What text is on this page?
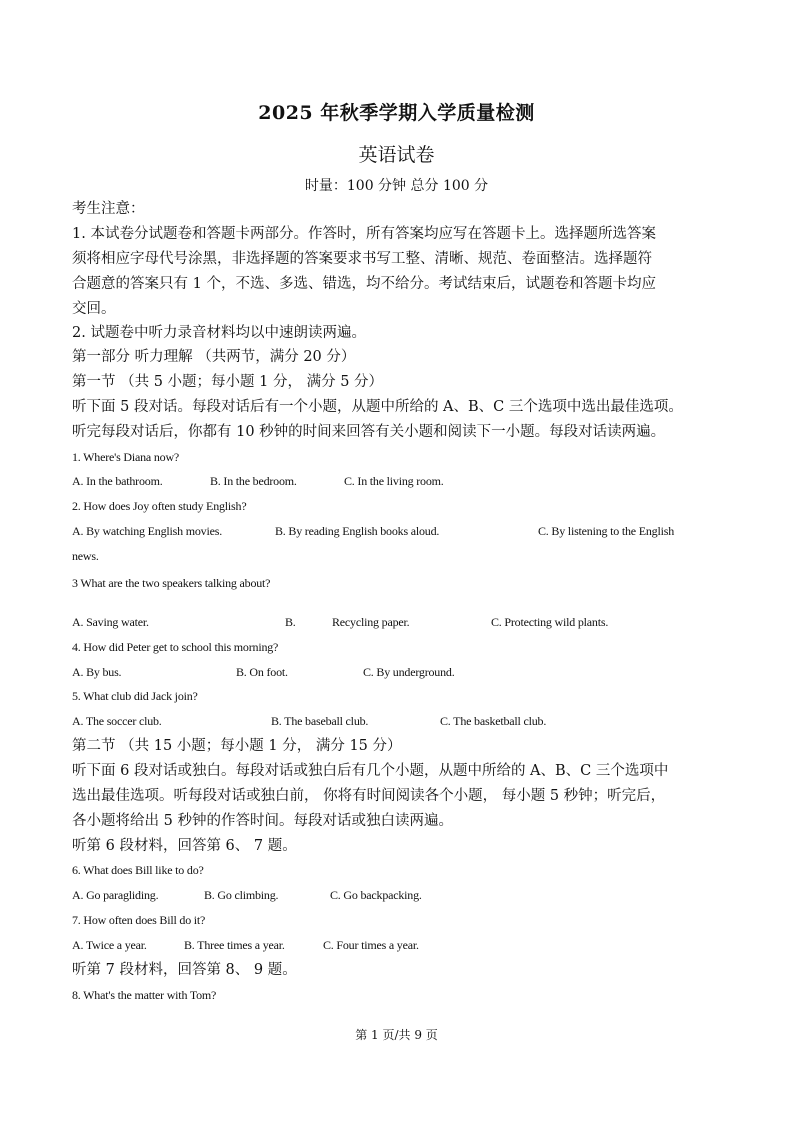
2025 年秋季学期入学质量检测
英语试卷
时量：100 分钟 总分 100 分
考生注意：
1. 本试卷分试题卷和答题卡两部分。作答时，所有答案均应写在答题卡上。选择题所选答案
须将相应字母代号涂黑，非选择题的答案要求书写工整、清晰、规范、卷面整洁。选择题符
合题意的答案只有 1 个，不选、多选、错选，均不给分。考试结束后，试题卷和答题卡均应
交回。
2. 试题卷中听力录音材料均以中速朗读两遍。
第一部分 听力理解 （共两节，满分 20 分）
第一节 （共 5 小题；每小题 1 分， 满分 5 分）
听下面 5 段对话。每段对话后有一个小题，从题中所给的 A、B、C 三个选项中选出最佳选项。
听完每段对话后，你都有 10 秒钟的时间来回答有关小题和阅读下一小题。每段对话读两遍。
1. Where's Diana now?
A. In the bathroom.	B. In the bedroom.	C. In the living room.
2. How does Joy often study English?
A. By watching English movies.	B. By reading English books aloud.	C. By listening to the English
news.
3 What are the two speakers talking about?
A. Saving water.	B.	Recycling paper.	C. Protecting wild plants.
4. How did Peter get to school this morning?
A. By bus.	B. On foot.	C. By underground.
5. What club did Jack join?
A. The soccer club.	B. The baseball club.	C. The basketball club.
第二节 （共 15 小题；每小题 1 分， 满分 15 分）
听下面 6 段对话或独白。每段对话或独白后有几个小题，从题中所给的 A、B、C 三个选项中
选出最佳选项。听每段对话或独白前， 你将有时间阅读各个小题， 每小题 5 秒钟；听完后，
各小题将给出 5 秒钟的作答时间。每段对话或独白读两遍。
听第 6 段材料，回答第 6、 7 题。
6. What does Bill like to do?
A. Go paragliding.	B. Go climbing.	C. Go backpacking.
7. How often does Bill do it?
A. Twice a year.	B. Three times a year.	C. Four times a year.
听第 7 段材料，回答第 8、 9 题。
8. What's the matter with Tom?
第 1 页/共 9 页
